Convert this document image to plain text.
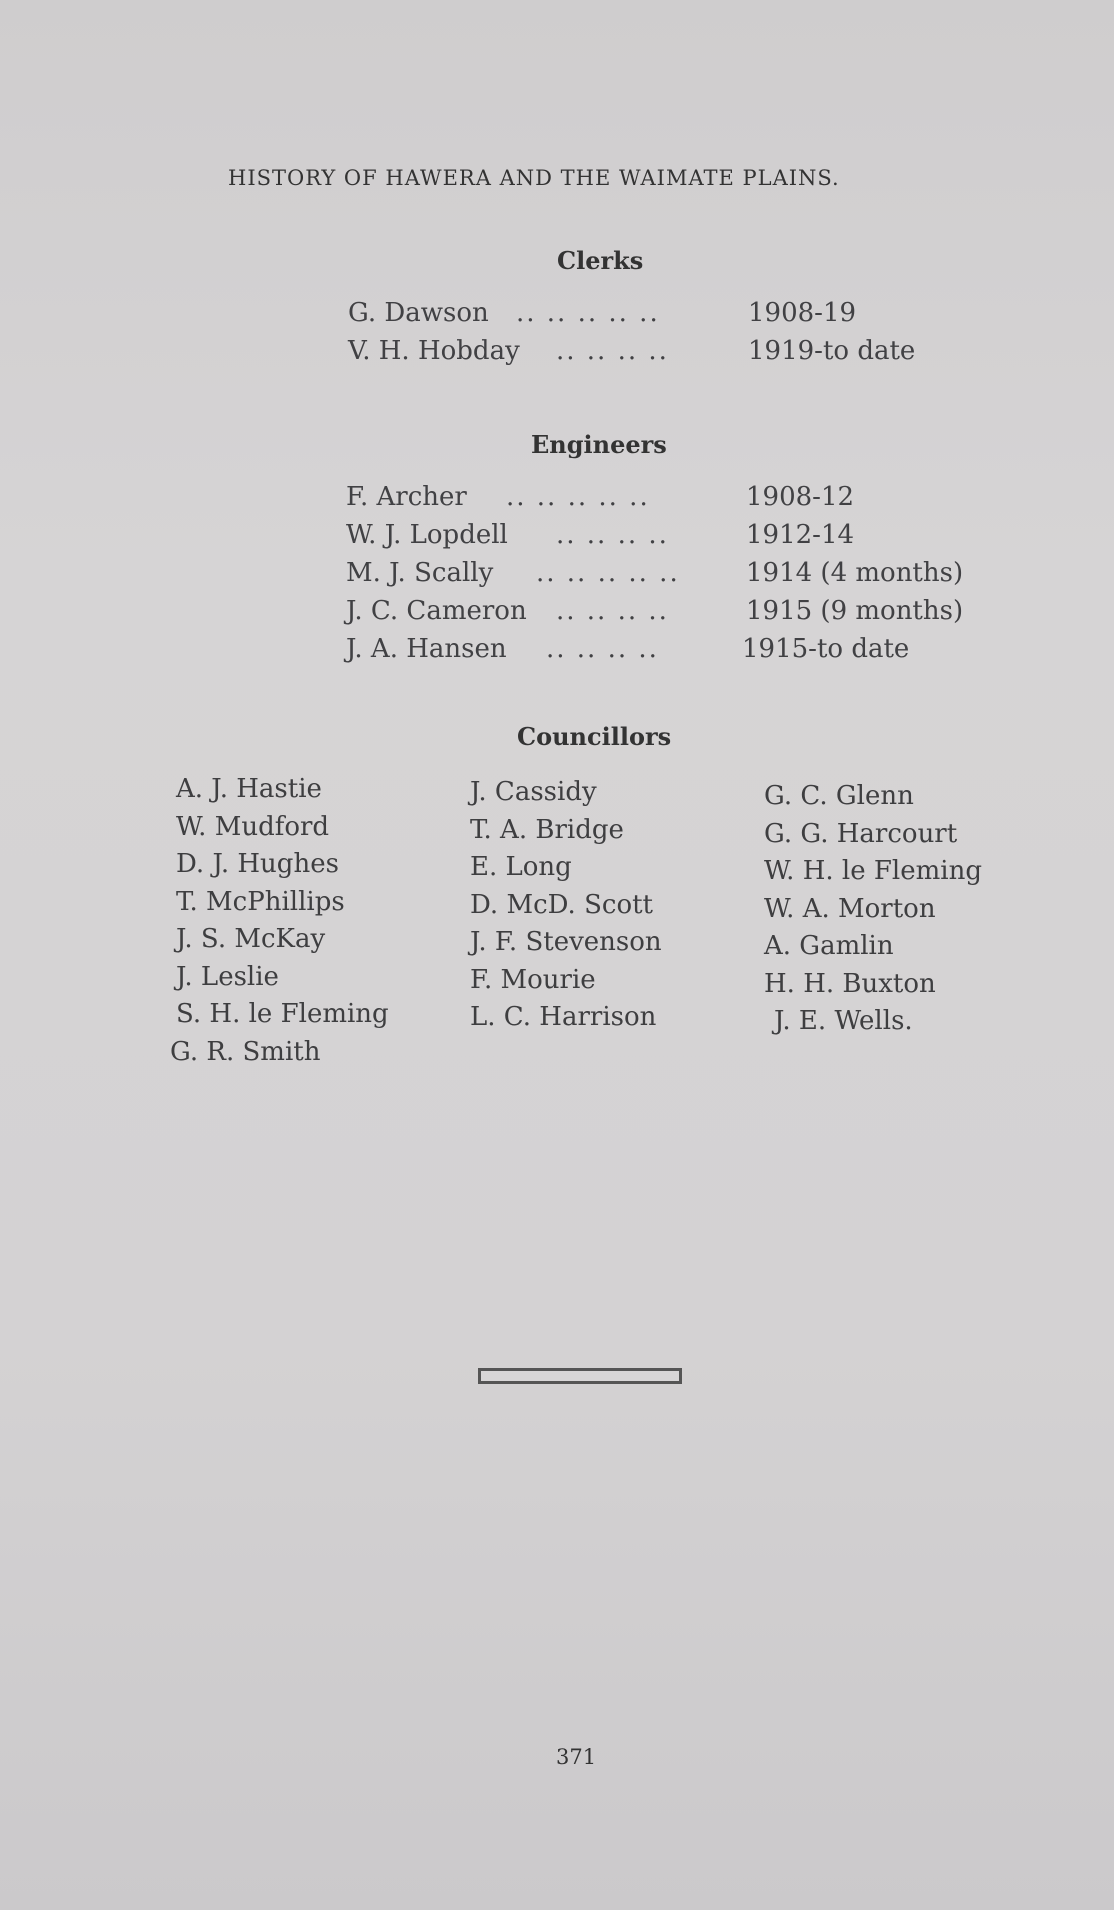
HISTORY OF HAWERA AND THE WAIMATE PLAINS.
Clerks
G. Dawson .. .. .. .. ..	1908-19
V. H. Hobday .. .. .. ..	1919-to date
Engineers
F. Archer .. .. .. .. ..	1908-12
W. J. Lopdell .. .. .. ..	1912-14
M. J. Scally .. .. .. .. ..	1914 (4 months)
J. C. Cameron .. .. .. ..	1915 (9 months)
J. A. Hansen .. .. .. ..	1915-to date
Councillors
A. J. Hastie
W. Mudford
D. J. Hughes
T. McPhillips
J. S. McKay
J. Leslie
S. H. le Fleming
G. R. Smith
J. Cassidy
T. A. Bridge
E. Long
D. McD. Scott
J. F. Stevenson
F. Mourie
L. C. Harrison
G. C. Glenn
G. G. Harcourt
W. H. le Fleming
W. A. Morton
A. Gamlin
H. H. Buxton
J. E. Wells.
371
